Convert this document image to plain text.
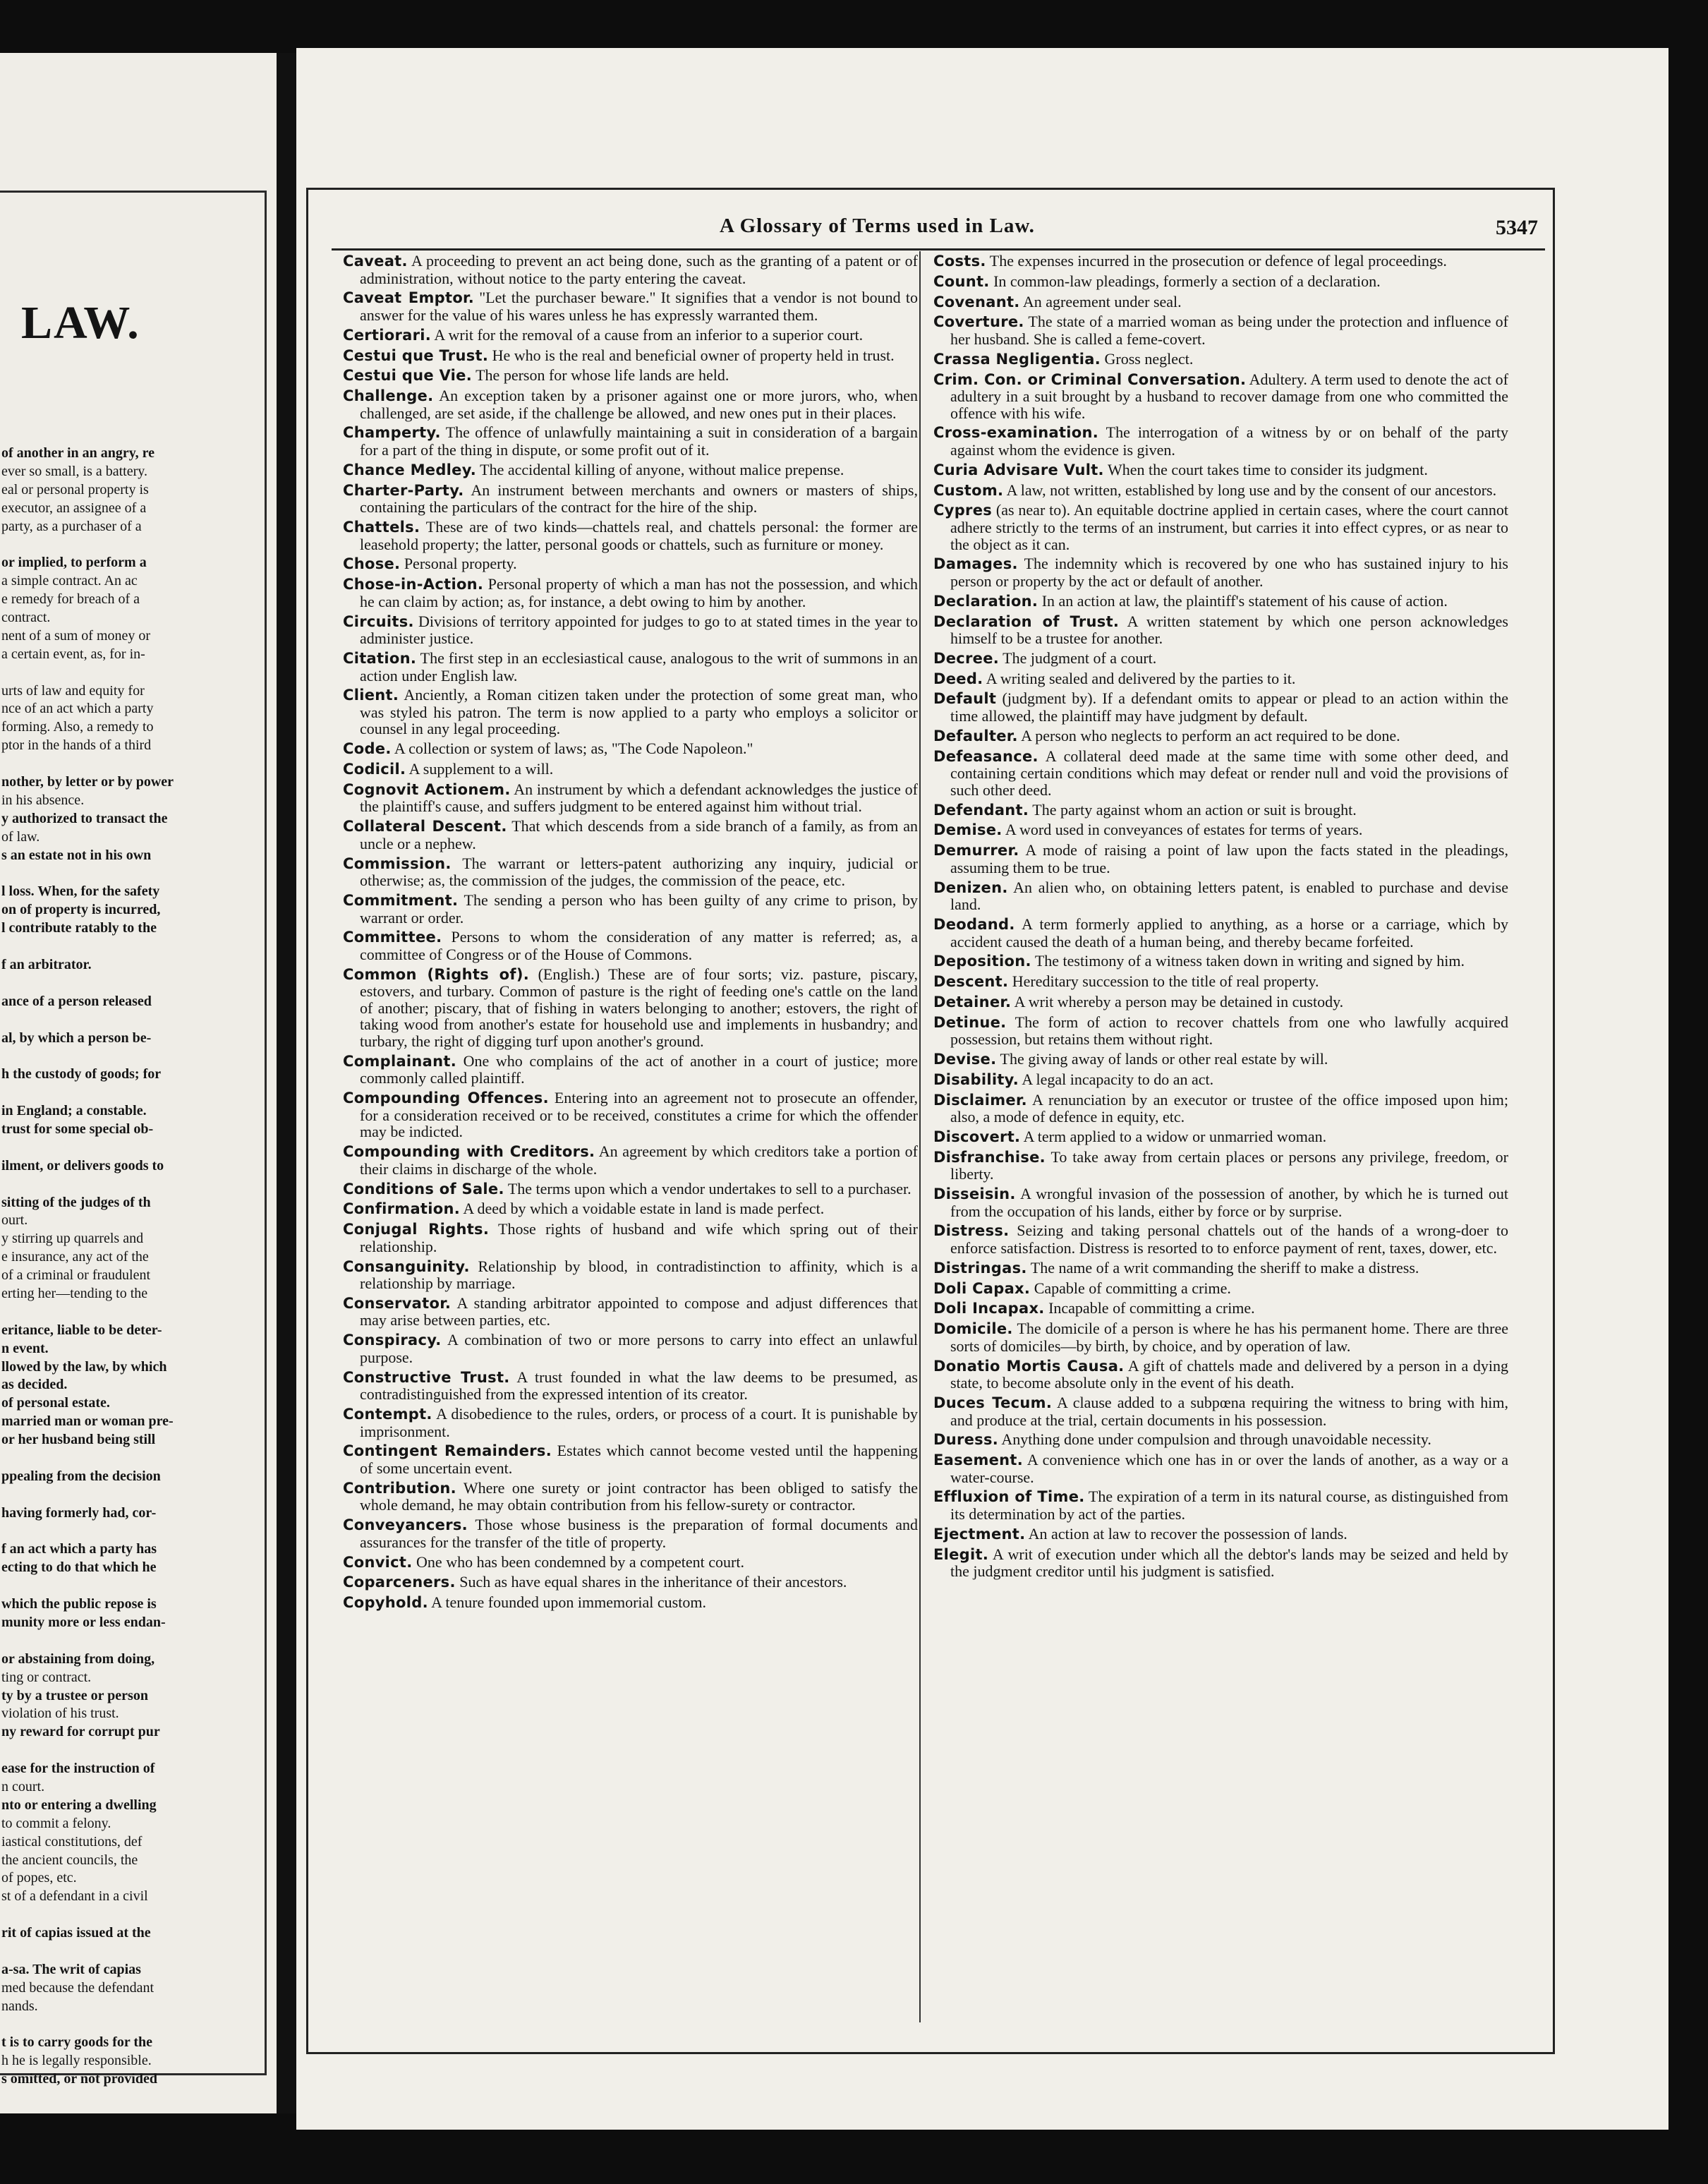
LAW.
of another in an angry, re
ever so small, is a battery.
eal or personal property is
executor, an assignee of a
party, as a purchaser of a
or implied, to perform a
a simple contract. An ac
e remedy for breach of a
contract.
nent of a sum of money or
a certain event, as, for in-
urts of law and equity for
nce of an act which a party
forming. Also, a remedy to
ptor in the hands of a third
nother, by letter or by power
in his absence.
y authorized to transact the
of law.
s an estate not in his own
l loss. When, for the safety
on of property is incurred,
l contribute ratably to the
f an arbitrator.
ance of a person released
al, by which a person be-
h the custody of goods; for
in England; a constable.
trust for some special ob-
ilment, or delivers goods to
sitting of the judges of th
ourt.
y stirring up quarrels and
e insurance, any act of the
of a criminal or fraudulent
erting her—tending to the
eritance, liable to be deter-
n event.
llowed by the law, by which
as decided.
of personal estate.
married man or woman pre-
or her husband being still
ppealing from the decision
having formerly had, cor-
f an act which a party has
ecting to do that which he
which the public repose is
munity more or less endan-
or abstaining from doing,
ting or contract.
ty by a trustee or person
violation of his trust.
ny reward for corrupt pur
ease for the instruction of
n court.
nto or entering a dwelling
to commit a felony.
iastical constitutions, def
the ancient councils, the
of popes, etc.
st of a defendant in a civil
rit of capias issued at the
a-sa. The writ of capias
med because the defendant
nands.
t is to carry goods for the
h he is legally responsible.
s omitted, or not provided
A Glossary of Terms used in Law.	5347

Caveat. A proceeding to prevent an act being done, such as the granting of a patent or of administration, without notice to the party entering the caveat.

Caveat Emptor. "Let the purchaser beware." It signifies that a vendor is not bound to answer for the value of his wares unless he has expressly warranted them.

Certiorari. A writ for the removal of a cause from an inferior to a superior court.

Cestui que Trust. He who is the real and beneficial owner of property held in trust.

Cestui que Vie. The person for whose life lands are held.

Challenge. An exception taken by a prisoner against one or more jurors, who, when challenged, are set aside, if the challenge be allowed, and new ones put in their places.

Champerty. The offence of unlawfully maintaining a suit in consideration of a bargain for a part of the thing in dispute, or some profit out of it.

Chance Medley. The accidental killing of anyone, without malice prepense.

Charter-Party. An instrument between merchants and owners or masters of ships, containing the particulars of the contract for the hire of the ship.

Chattels. These are of two kinds—chattels real, and chattels personal: the former are leasehold property; the latter, personal goods or chattels, such as furniture or money.

Chose. Personal property.

Chose-in-Action. Personal property of which a man has not the possession, and which he can claim by action; as, for instance, a debt owing to him by another.

Circuits. Divisions of territory appointed for judges to go to at stated times in the year to administer justice.

Citation. The first step in an ecclesiastical cause, analogous to the writ of summons in an action under English law.

Client. Anciently, a Roman citizen taken under the protection of some great man, who was styled his patron. The term is now applied to a party who employs a solicitor or counsel in any legal proceeding.

Code. A collection or system of laws; as, "The Code Napoleon."

Codicil. A supplement to a will.

Cognovit Actionem. An instrument by which a defendant acknowledges the justice of the plaintiff's cause, and suffers judgment to be entered against him without trial.

Collateral Descent. That which descends from a side branch of a family, as from an uncle or a nephew.

Commission. The warrant or letters-patent authorizing any inquiry, judicial or otherwise; as, the commission of the judges, the commission of the peace, etc.

Commitment. The sending a person who has been guilty of any crime to prison, by warrant or order.

Committee. Persons to whom the consideration of any matter is referred; as, a committee of Congress or of the House of Commons.

Common (Rights of). (English.) These are of four sorts; viz. pasture, piscary, estovers, and turbary. Common of pasture is the right of feeding one's cattle on the land of another; piscary, that of fishing in waters belonging to another; estovers, the right of taking wood from another's estate for household use and implements in husbandry; and turbary, the right of digging turf upon another's ground.

Complainant. One who complains of the act of another in a court of justice; more commonly called plaintiff.

Compounding Offences. Entering into an agreement not to prosecute an offender, for a consideration received or to be received, constitutes a crime for which the offender may be indicted.

Compounding with Creditors. An agreement by which creditors take a portion of their claims in discharge of the whole.

Conditions of Sale. The terms upon which a vendor undertakes to sell to a purchaser.

Confirmation. A deed by which a voidable estate in land is made perfect.

Conjugal Rights. Those rights of husband and wife which spring out of their relationship.

Consanguinity. Relationship by blood, in contradistinction to affinity, which is a relationship by marriage.

Conservator. A standing arbitrator appointed to compose and adjust differences that may arise between parties, etc.

Conspiracy. A combination of two or more persons to carry into effect an unlawful purpose.

Constructive Trust. A trust founded in what the law deems to be presumed, as contradistinguished from the expressed intention of its creator.

Contempt. A disobedience to the rules, orders, or process of a court. It is punishable by imprisonment.

Contingent Remainders. Estates which cannot become vested until the happening of some uncertain event.

Contribution. Where one surety or joint contractor has been obliged to satisfy the whole demand, he may obtain contribution from his fellow-surety or contractor.

Conveyancers. Those whose business is the preparation of formal documents and assurances for the transfer of the title of property.

Convict. One who has been condemned by a competent court.

Coparceners. Such as have equal shares in the inheritance of their ancestors.

Copyhold. A tenure founded upon immemorial custom.

Costs. The expenses incurred in the prosecution or defence of legal proceedings.

Count. In common-law pleadings, formerly a section of a declaration.

Covenant. An agreement under seal.

Coverture. The state of a married woman as being under the protection and influence of her husband. She is called a feme-covert.

Crassa Negligentia. Gross neglect.

Crim. Con. or Criminal Conversation. Adultery. A term used to denote the act of adultery in a suit brought by a husband to recover damage from one who committed the offence with his wife.

Cross-examination. The interrogation of a witness by or on behalf of the party against whom the evidence is given.

Curia Advisare Vult. When the court takes time to consider its judgment.

Custom. A law, not written, established by long use and by the consent of our ancestors.

Cypres (as near to). An equitable doctrine applied in certain cases, where the court cannot adhere strictly to the terms of an instrument, but carries it into effect cypres, or as near to the object as it can.

Damages. The indemnity which is recovered by one who has sustained injury to his person or property by the act or default of another.

Declaration. In an action at law, the plaintiff's statement of his cause of action.

Declaration of Trust. A written statement by which one person acknowledges himself to be a trustee for another.

Decree. The judgment of a court.

Deed. A writing sealed and delivered by the parties to it.

Default (judgment by). If a defendant omits to appear or plead to an action within the time allowed, the plaintiff may have judgment by default.

Defaulter. A person who neglects to perform an act required to be done.

Defeasance. A collateral deed made at the same time with some other deed, and containing certain conditions which may defeat or render null and void the provisions of such other deed.

Defendant. The party against whom an action or suit is brought.

Demise. A word used in conveyances of estates for terms of years.

Demurrer. A mode of raising a point of law upon the facts stated in the pleadings, assuming them to be true.

Denizen. An alien who, on obtaining letters patent, is enabled to purchase and devise land.

Deodand. A term formerly applied to anything, as a horse or a carriage, which by accident caused the death of a human being, and thereby became forfeited.

Deposition. The testimony of a witness taken down in writing and signed by him.

Descent. Hereditary succession to the title of real property.

Detainer. A writ whereby a person may be detained in custody.

Detinue. The form of action to recover chattels from one who lawfully acquired possession, but retains them without right.

Devise. The giving away of lands or other real estate by will.

Disability. A legal incapacity to do an act.

Disclaimer. A renunciation by an executor or trustee of the office imposed upon him; also, a mode of defence in equity, etc.

Discovert. A term applied to a widow or unmarried woman.

Disfranchise. To take away from certain places or persons any privilege, freedom, or liberty.

Disseisin. A wrongful invasion of the possession of another, by which he is turned out from the occupation of his lands, either by force or by surprise.

Distress. Seizing and taking personal chattels out of the hands of a wrong-doer to enforce satisfaction. Distress is resorted to to enforce payment of rent, taxes, dower, etc.

Distringas. The name of a writ commanding the sheriff to make a distress.

Doli Capax. Capable of committing a crime.

Doli Incapax. Incapable of committing a crime.

Domicile. The domicile of a person is where he has his permanent home. There are three sorts of domiciles—by birth, by choice, and by operation of law.

Donatio Mortis Causa. A gift of chattels made and delivered by a person in a dying state, to become absolute only in the event of his death.

Duces Tecum. A clause added to a subpœna requiring the witness to bring with him, and produce at the trial, certain documents in his possession.

Duress. Anything done under compulsion and through unavoidable necessity.

Easement. A convenience which one has in or over the lands of another, as a way or a water-course.

Effluxion of Time. The expiration of a term in its natural course, as distinguished from its determination by act of the parties.

Ejectment. An action at law to recover the possession of lands.

Elegit. A writ of execution under which all the debtor's lands may be seized and held by the judgment creditor until his judgment is satisfied.
